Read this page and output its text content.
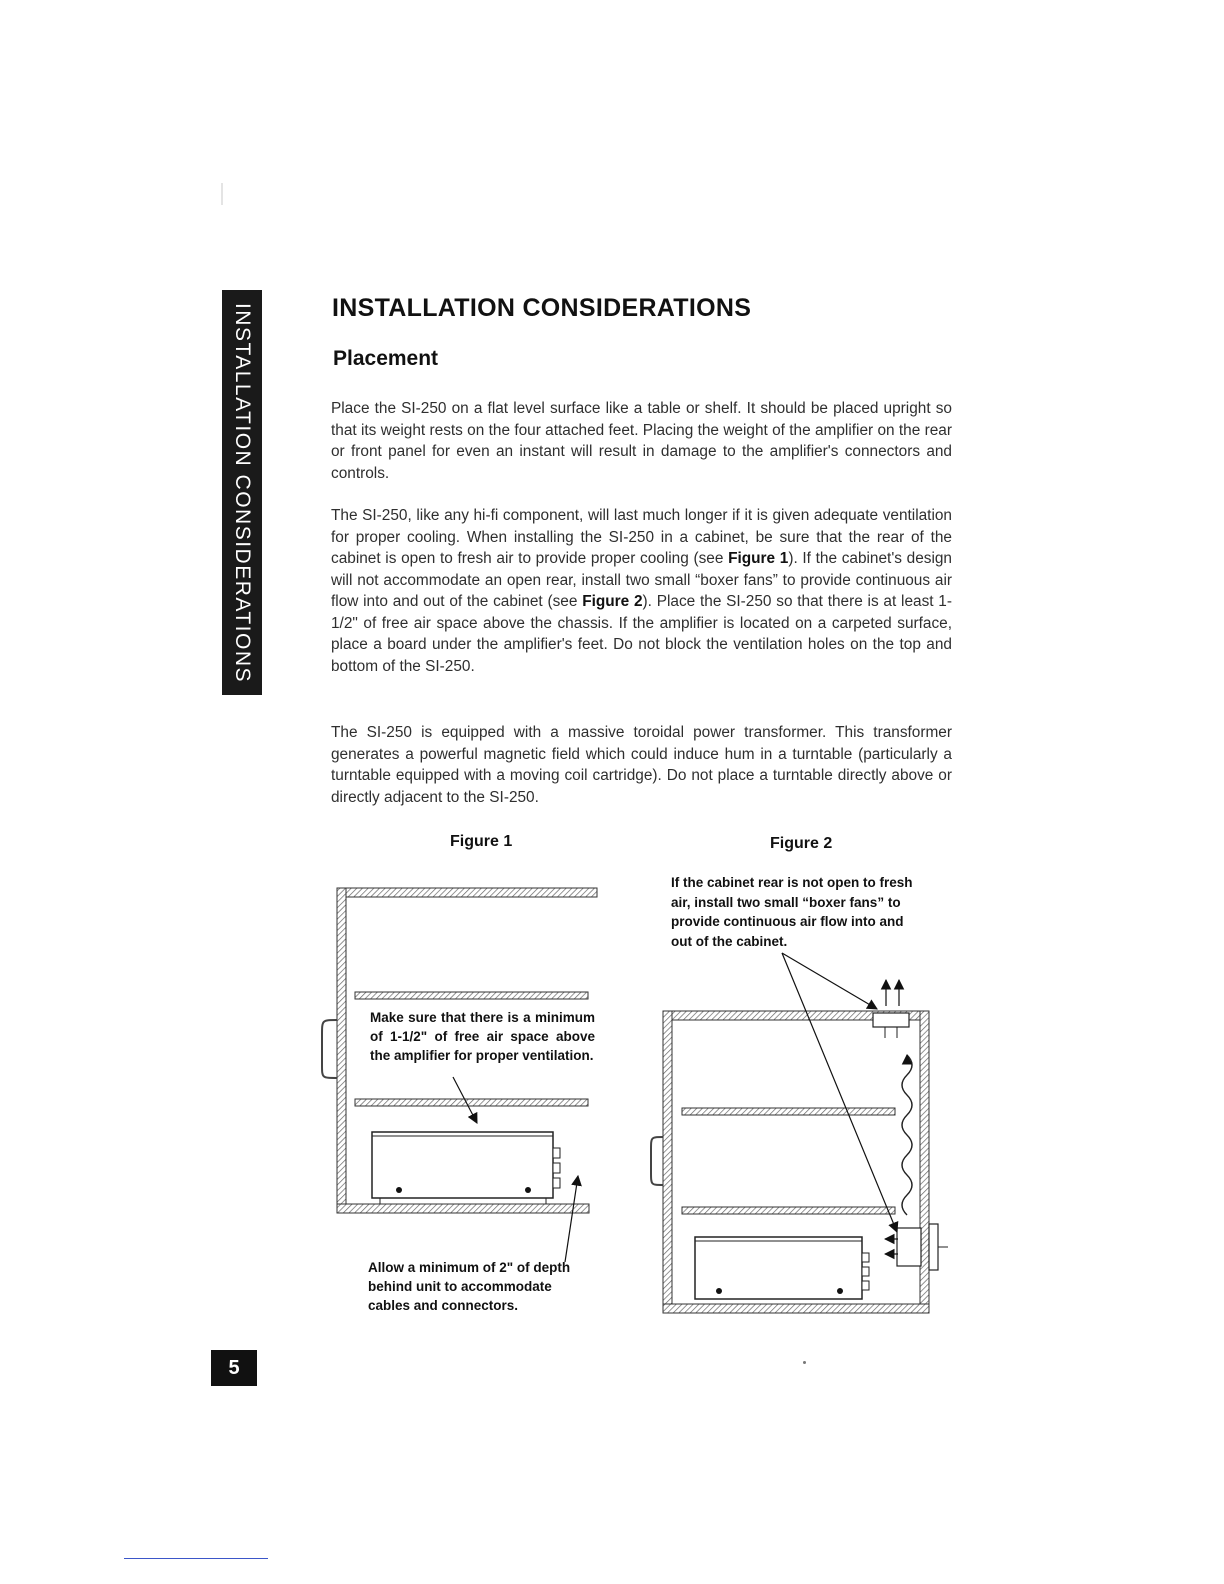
INSTALLATION CONSIDERATIONS	INSTALLATION CONSIDERATIONS
Placement

Place the SI-250 on a flat level surface like a table or shelf. It should be placed upright so that its weight rests on the four attached feet. Placing the weight of the amplifier on the rear or front panel for even an instant will result in damage to the amplifier's connectors and controls.

The SI-250, like any hi-fi component, will last much longer if it is given adequate ventilation for proper cooling. When installing the SI-250 in a cabinet, be sure that the rear of the cabinet is open to fresh air to provide proper cooling (see Figure 1). If the cabinet's design will not accommodate an open rear, install two small “boxer fans” to provide continuous air flow into and out of the cabinet (see Figure 2). Place the SI-250 so that there is at least 1-1/2" of free air space above the chassis. If the amplifier is located on a carpeted surface, place a board under the amplifier's feet. Do not block the ventilation holes on the top and bottom of the SI-250.

The SI-250 is equipped with a massive toroidal power transformer. This transformer generates a powerful magnetic field which could induce hum in a turntable (particularly a turntable equipped with a moving coil cartridge). Do not place a turntable directly above or directly adjacent to the SI-250.

Figure 1	Figure 2

If the cabinet rear is not open to fresh air, install two small “boxer fans” to provide continuous air flow into and out of the cabinet.

Make sure that there is a minimum of 1-1/2" of free air space above the amplifier for proper ventilation.

Allow a minimum of 2" of depth behind unit to accommodate cables and connectors.

5
